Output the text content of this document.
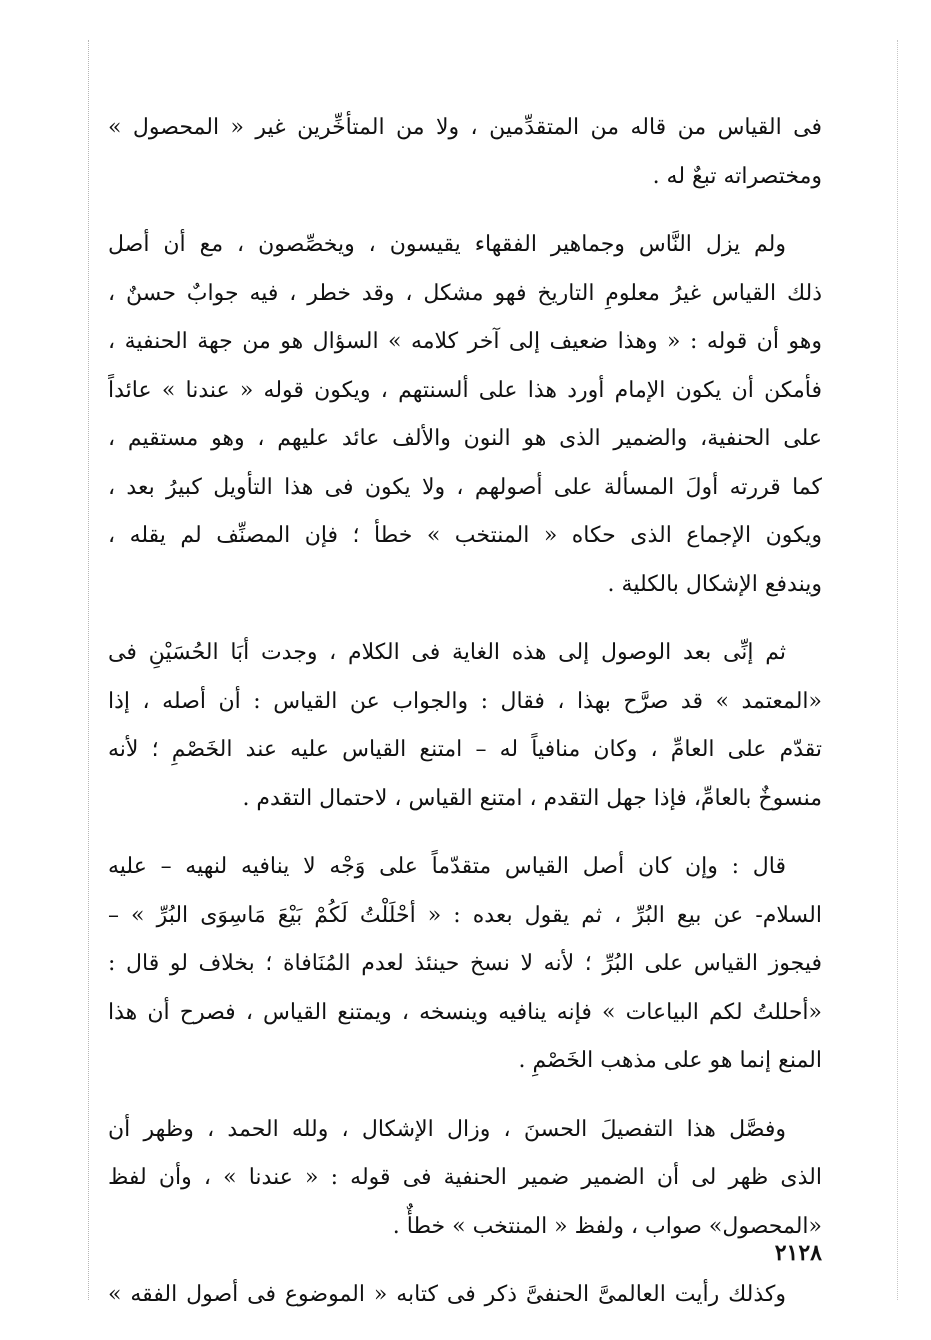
فى القياس من قاله من المتقدِّمين ، ولا من المتأخِّرين غير « المحصول »
ومختصراته تبعٌ له .
ولم يزل النَّاس وجماهير الفقهاء يقيسون ، ويخصِّصون ، مع أن أصل
ذلك القياس غيرُ معلومِ التاريخ فهو مشكل ، وقد خطر ، فيه جوابٌ حسنٌ ،
وهو أن قوله : « وهذا ضعيف إلى آخر كلامه » السؤال هو من جهة الحنفية ،
فأمكن أن يكون الإمام أورد هذا على ألسنتهم ، ويكون قوله « عندنا » عائداً
على الحنفية، والضمير الذى هو النون والألف عائد عليهم ، وهو مستقيم ،
كما قررته أولَ المسألة على أصولهم ، ولا يكون فى هذا التأويل كبيرُ بعد ،
ويكون الإجماع الذى حكاه « المنتخب » خطأ ؛ فإن المصنِّف لم يقله ،
ويندفع الإشكال بالكلية .
ثم إنِّى بعد الوصول إلى هذه الغاية فى الكلام ، وجدت أبَا الحُسَيْنِ فى
«المعتمد » قد صرَّح بهذا ، فقال : والجواب عن القياس : أن أصله ، إذا
تقدّم على العامِّ ، وكان منافياً له – امتنع القياس عليه عند الخَصْمِ ؛ لأنه
منسوخٌ بالعامِّ، فإذا جهل التقدم ، امتنع القياس ، لاحتمال التقدم .
قال : وإن كان أصل القياس متقدّماً على وَجْه لا ينافيه لنهيه – عليه
السلام- عن بيع البُرِّ ، ثم يقول بعده : « أحْلَلْتُ لَكُمْ بَيْعَ مَاسِوَى البُرِّ » –
فيجوز القياس على البُرِّ ؛ لأنه لا نسخ حينئذ لعدم المُنَافاة ؛ بخلاف لو قال :
«أحللتُ لكم البياعات » فإنه ينافيه وينسخه ، ويمتنع القياس ، فصرح أن هذا
المنع إنما هو على مذهب الخَصْمِ .
وفصَّل هذا التفصيلَ الحسنَ ، وزال الإشكال ، ولله الحمد ، وظهر أن
الذى ظهر لى أن الضمير ضمير الحنفية فى قوله : « عندنا » ، وأن لفظ
«المحصول» صواب ، ولفظ « المنتخب » خطأٌ .
وكذلك رأيت العالمىَّ الحنفىَّ ذكر فى كتابه « الموضوع فى أصول الفقه »
٢١٢٨
